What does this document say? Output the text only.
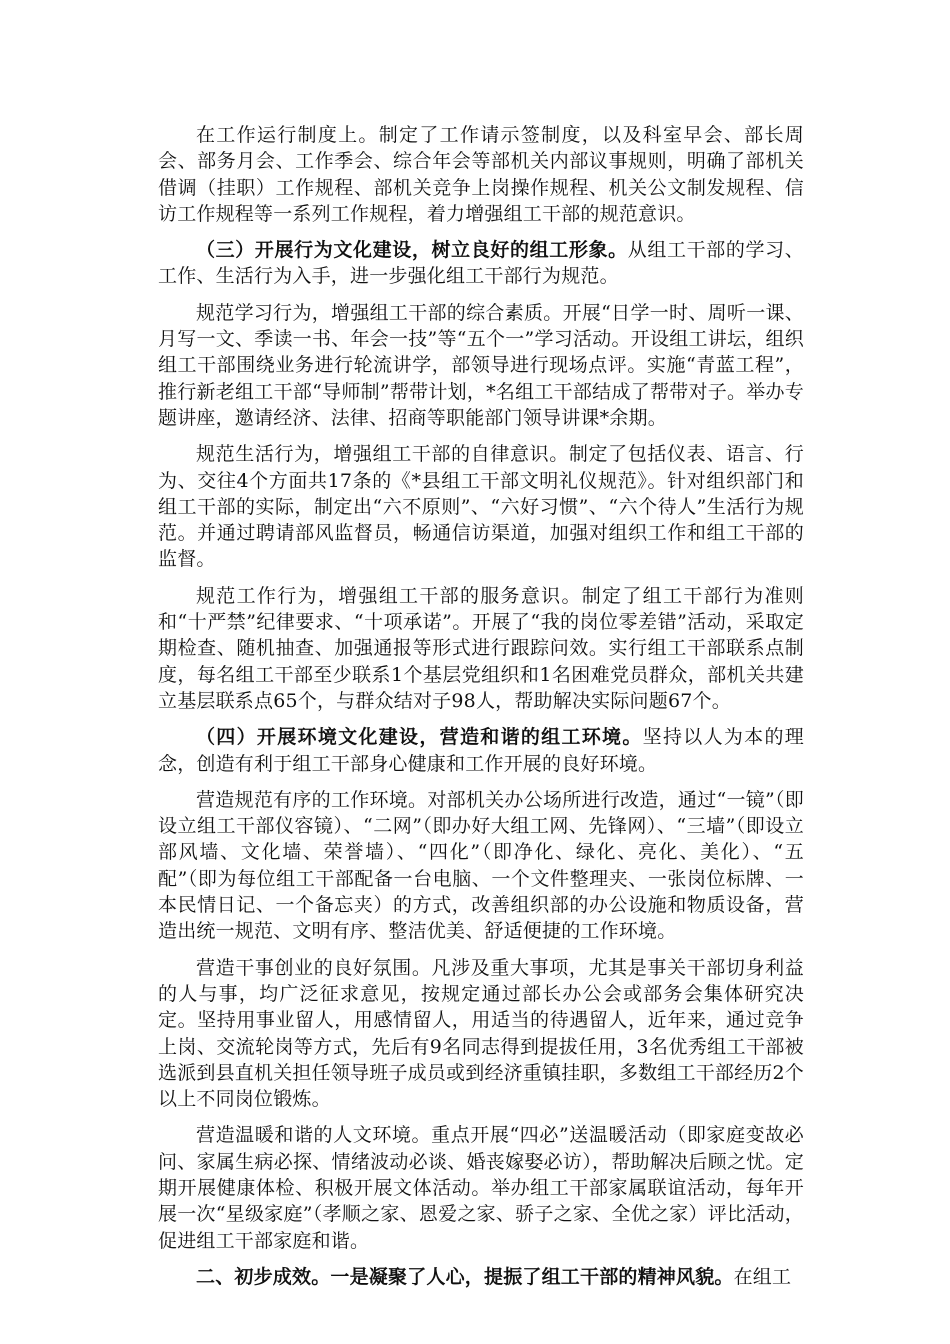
在工作运行制度上。制定了工作请示签制度，以及科室早会、部长周会、部务月会、工作季会、综合年会等部机关内部议事规则，明确了部机关借调（挂职）工作规程、部机关竞争上岗操作规程、机关公文制发规程、信访工作规程等一系列工作规程，着力增强组工干部的规范意识。

（三）开展行为文化建设，树立良好的组工形象。从组工干部的学习、工作、生活行为入手，进一步强化组工干部行为规范。

规范学习行为，增强组工干部的综合素质。开展“日学一时、周听一课、月写一文、季读一书、年会一技”等“五个一”学习活动。开设组工讲坛，组织组工干部围绕业务进行轮流讲学，部领导进行现场点评。实施“青蓝工程”，推行新老组工干部“导师制”帮带计划，*名组工干部结成了帮带对子。举办专题讲座，邀请经济、法律、招商等职能部门领导讲课*余期。

规范生活行为，增强组工干部的自律意识。制定了包括仪表、语言、行为、交往4个方面共17条的《*县组工干部文明礼仪规范》。针对组织部门和组工干部的实际，制定出“六不原则”、“六好习惯”、“六个待人”生活行为规范。并通过聘请部风监督员，畅通信访渠道，加强对组织工作和组工干部的监督。

规范工作行为，增强组工干部的服务意识。制定了组工干部行为准则和“十严禁”纪律要求、“十项承诺”。开展了“我的岗位零差错”活动，采取定期检查、随机抽查、加强通报等形式进行跟踪问效。实行组工干部联系点制度，每名组工干部至少联系1个基层党组织和1名困难党员群众，部机关共建立基层联系点65个，与群众结对子98人，帮助解决实际问题67个。

（四）开展环境文化建设，营造和谐的组工环境。坚持以人为本的理念，创造有利于组工干部身心健康和工作开展的良好环境。

营造规范有序的工作环境。对部机关办公场所进行改造，通过“一镜”（即设立组工干部仪容镜）、“二网”（即办好大组工网、先锋网）、“三墙”（即设立部风墙、文化墙、荣誉墙）、“四化”（即净化、绿化、亮化、美化）、“五配”（即为每位组工干部配备一台电脑、一个文件整理夹、一张岗位标牌、一本民情日记、一个备忘夹）的方式，改善组织部的办公设施和物质设备，营造出统一规范、文明有序、整洁优美、舒适便捷的工作环境。

营造干事创业的良好氛围。凡涉及重大事项，尤其是事关干部切身利益的人与事，均广泛征求意见，按规定通过部长办公会或部务会集体研究决定。坚持用事业留人，用感情留人，用适当的待遇留人，近年来，通过竞争上岗、交流轮岗等方式，先后有9名同志得到提拔任用，3名优秀组工干部被选派到县直机关担任领导班子成员或到经济重镇挂职，多数组工干部经历2个以上不同岗位锻炼。

营造温暖和谐的人文环境。重点开展“四必”送温暖活动（即家庭变故必问、家属生病必探、情绪波动必谈、婚丧嫁娶必访），帮助解决后顾之忧。定期开展健康体检、积极开展文体活动。举办组工干部家属联谊活动，每年开展一次“星级家庭”（孝顺之家、恩爱之家、骄子之家、全优之家）评比活动，促进组工干部家庭和谐。

二、初步成效。一是凝聚了人心，提振了组工干部的精神风貌。在组工
